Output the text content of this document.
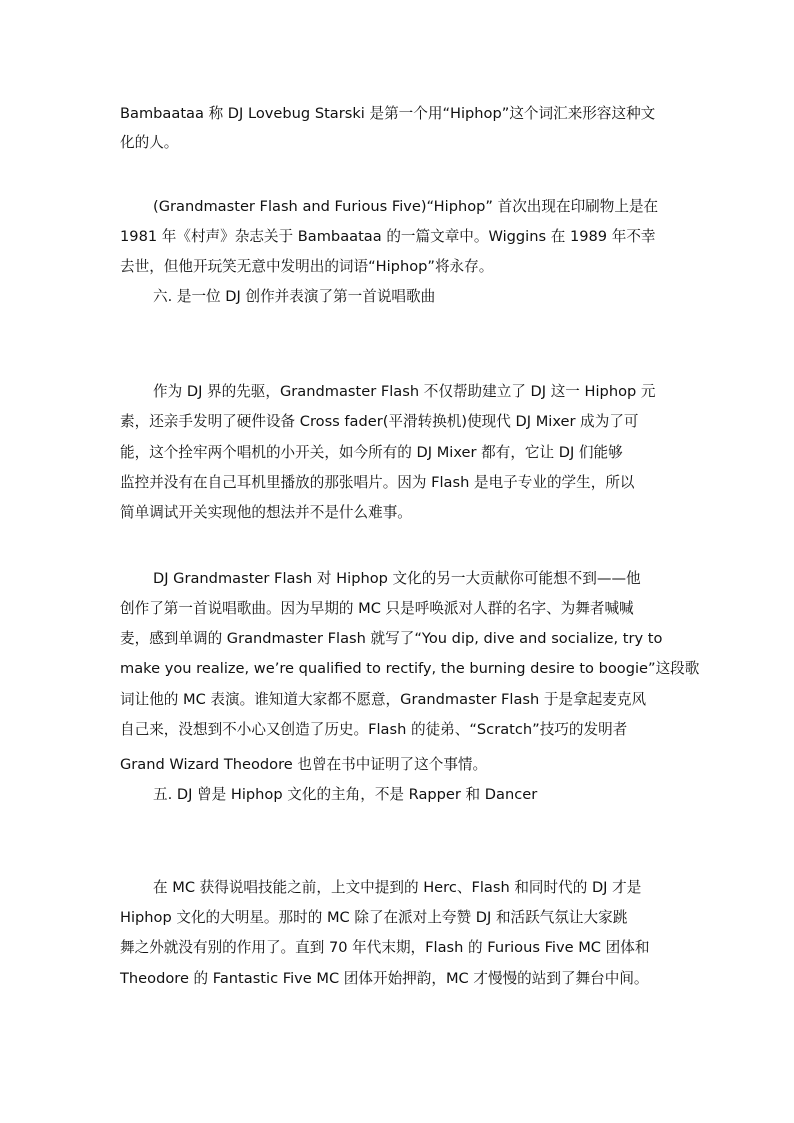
Bambaataa 称 DJ Lovebug Starski 是第一个用“Hiphop”这个词汇来形容这种文
化的人。
(Grandmaster Flash and Furious Five)“Hiphop” 首次出现在印刷物上是在
1981 年《村声》杂志关于 Bambaataa 的一篇文章中。Wiggins 在 1989 年不幸
去世，但他开玩笑无意中发明出的词语“Hiphop”将永存。
六. 是一位 DJ 创作并表演了第一首说唱歌曲
作为 DJ 界的先驱，Grandmaster Flash 不仅帮助建立了 DJ 这一 Hiphop 元
素，还亲手发明了硬件设备 Cross fader(平滑转换机)使现代 DJ Mixer 成为了可
能，这个拴牢两个唱机的小开关，如今所有的 DJ Mixer 都有，它让 DJ 们能够
监控并没有在自己耳机里播放的那张唱片。因为 Flash 是电子专业的学生，所以
简单调试开关实现他的想法并不是什么难事。
DJ Grandmaster Flash 对 Hiphop 文化的另一大贡献你可能想不到——他
创作了第一首说唱歌曲。因为早期的 MC 只是呼唤派对人群的名字、为舞者喊喊
麦，感到单调的 Grandmaster Flash 就写了“You dip, dive and socialize, try to
make you realize, we’re qualified to rectify, the burning desire to boogie”这段歌
词让他的 MC 表演。谁知道大家都不愿意，Grandmaster Flash 于是拿起麦克风
自己来，没想到不小心又创造了历史。Flash 的徒弟、“Scratch”技巧的发明者
Grand Wizard Theodore 也曾在书中证明了这个事情。
五. DJ 曾是 Hiphop 文化的主角，不是 Rapper 和 Dancer
在 MC 获得说唱技能之前，上文中提到的 Herc、Flash 和同时代的 DJ 才是
Hiphop 文化的大明星。那时的 MC 除了在派对上夸赞 DJ 和活跃气氛让大家跳
舞之外就没有别的作用了。直到 70 年代末期，Flash 的 Furious Five MC 团体和
Theodore 的 Fantastic Five MC 团体开始押韵，MC 才慢慢的站到了舞台中间。
